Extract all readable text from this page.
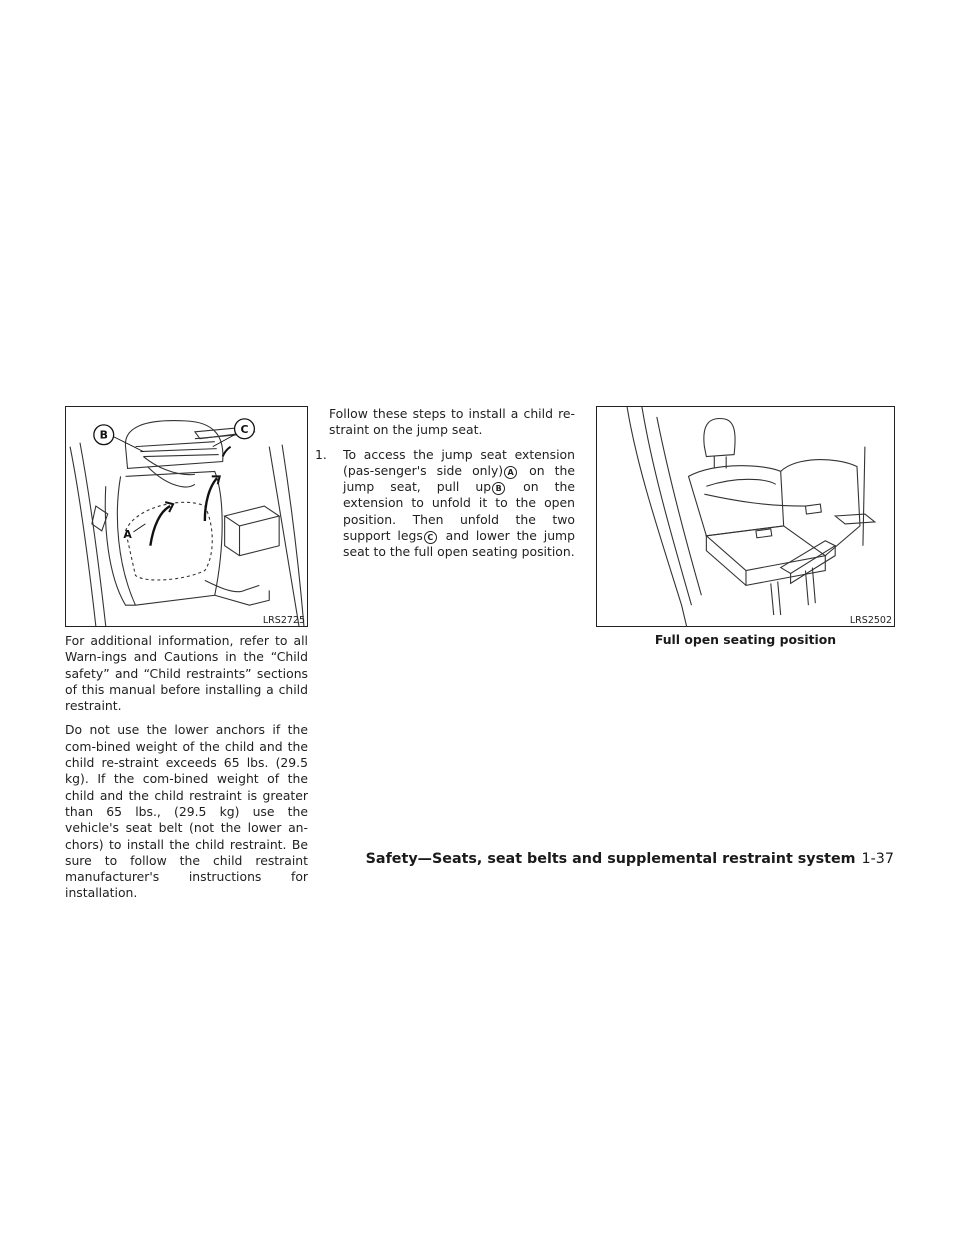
B	C
A
LRS2725

For additional information, refer to all Warn-ings and Cautions in the “Child safety” and “Child restraints” sections of this manual before installing a child restraint.

Do not use the lower anchors if the com-bined weight of the child and the child re-straint exceeds 65 lbs. (29.5 kg). If the com-bined weight of the child and the child restraint is greater than 65 lbs., (29.5 kg) use the vehicle's seat belt (not the lower an-chors) to install the child restraint. Be sure to follow the child restraint manufacturer's instructions for installation.

Follow these steps to install a child re-straint on the jump seat.

1. To access the jump seat extension (pas-senger's side only) A on the jump seat, pull up B on the extension to unfold it to the open position. Then unfold the two support legs C and lower the jump seat to the full open seating position.
LRS2502
Full open seating position
Safety—Seats, seat belts and supplemental restraint system 1-37
